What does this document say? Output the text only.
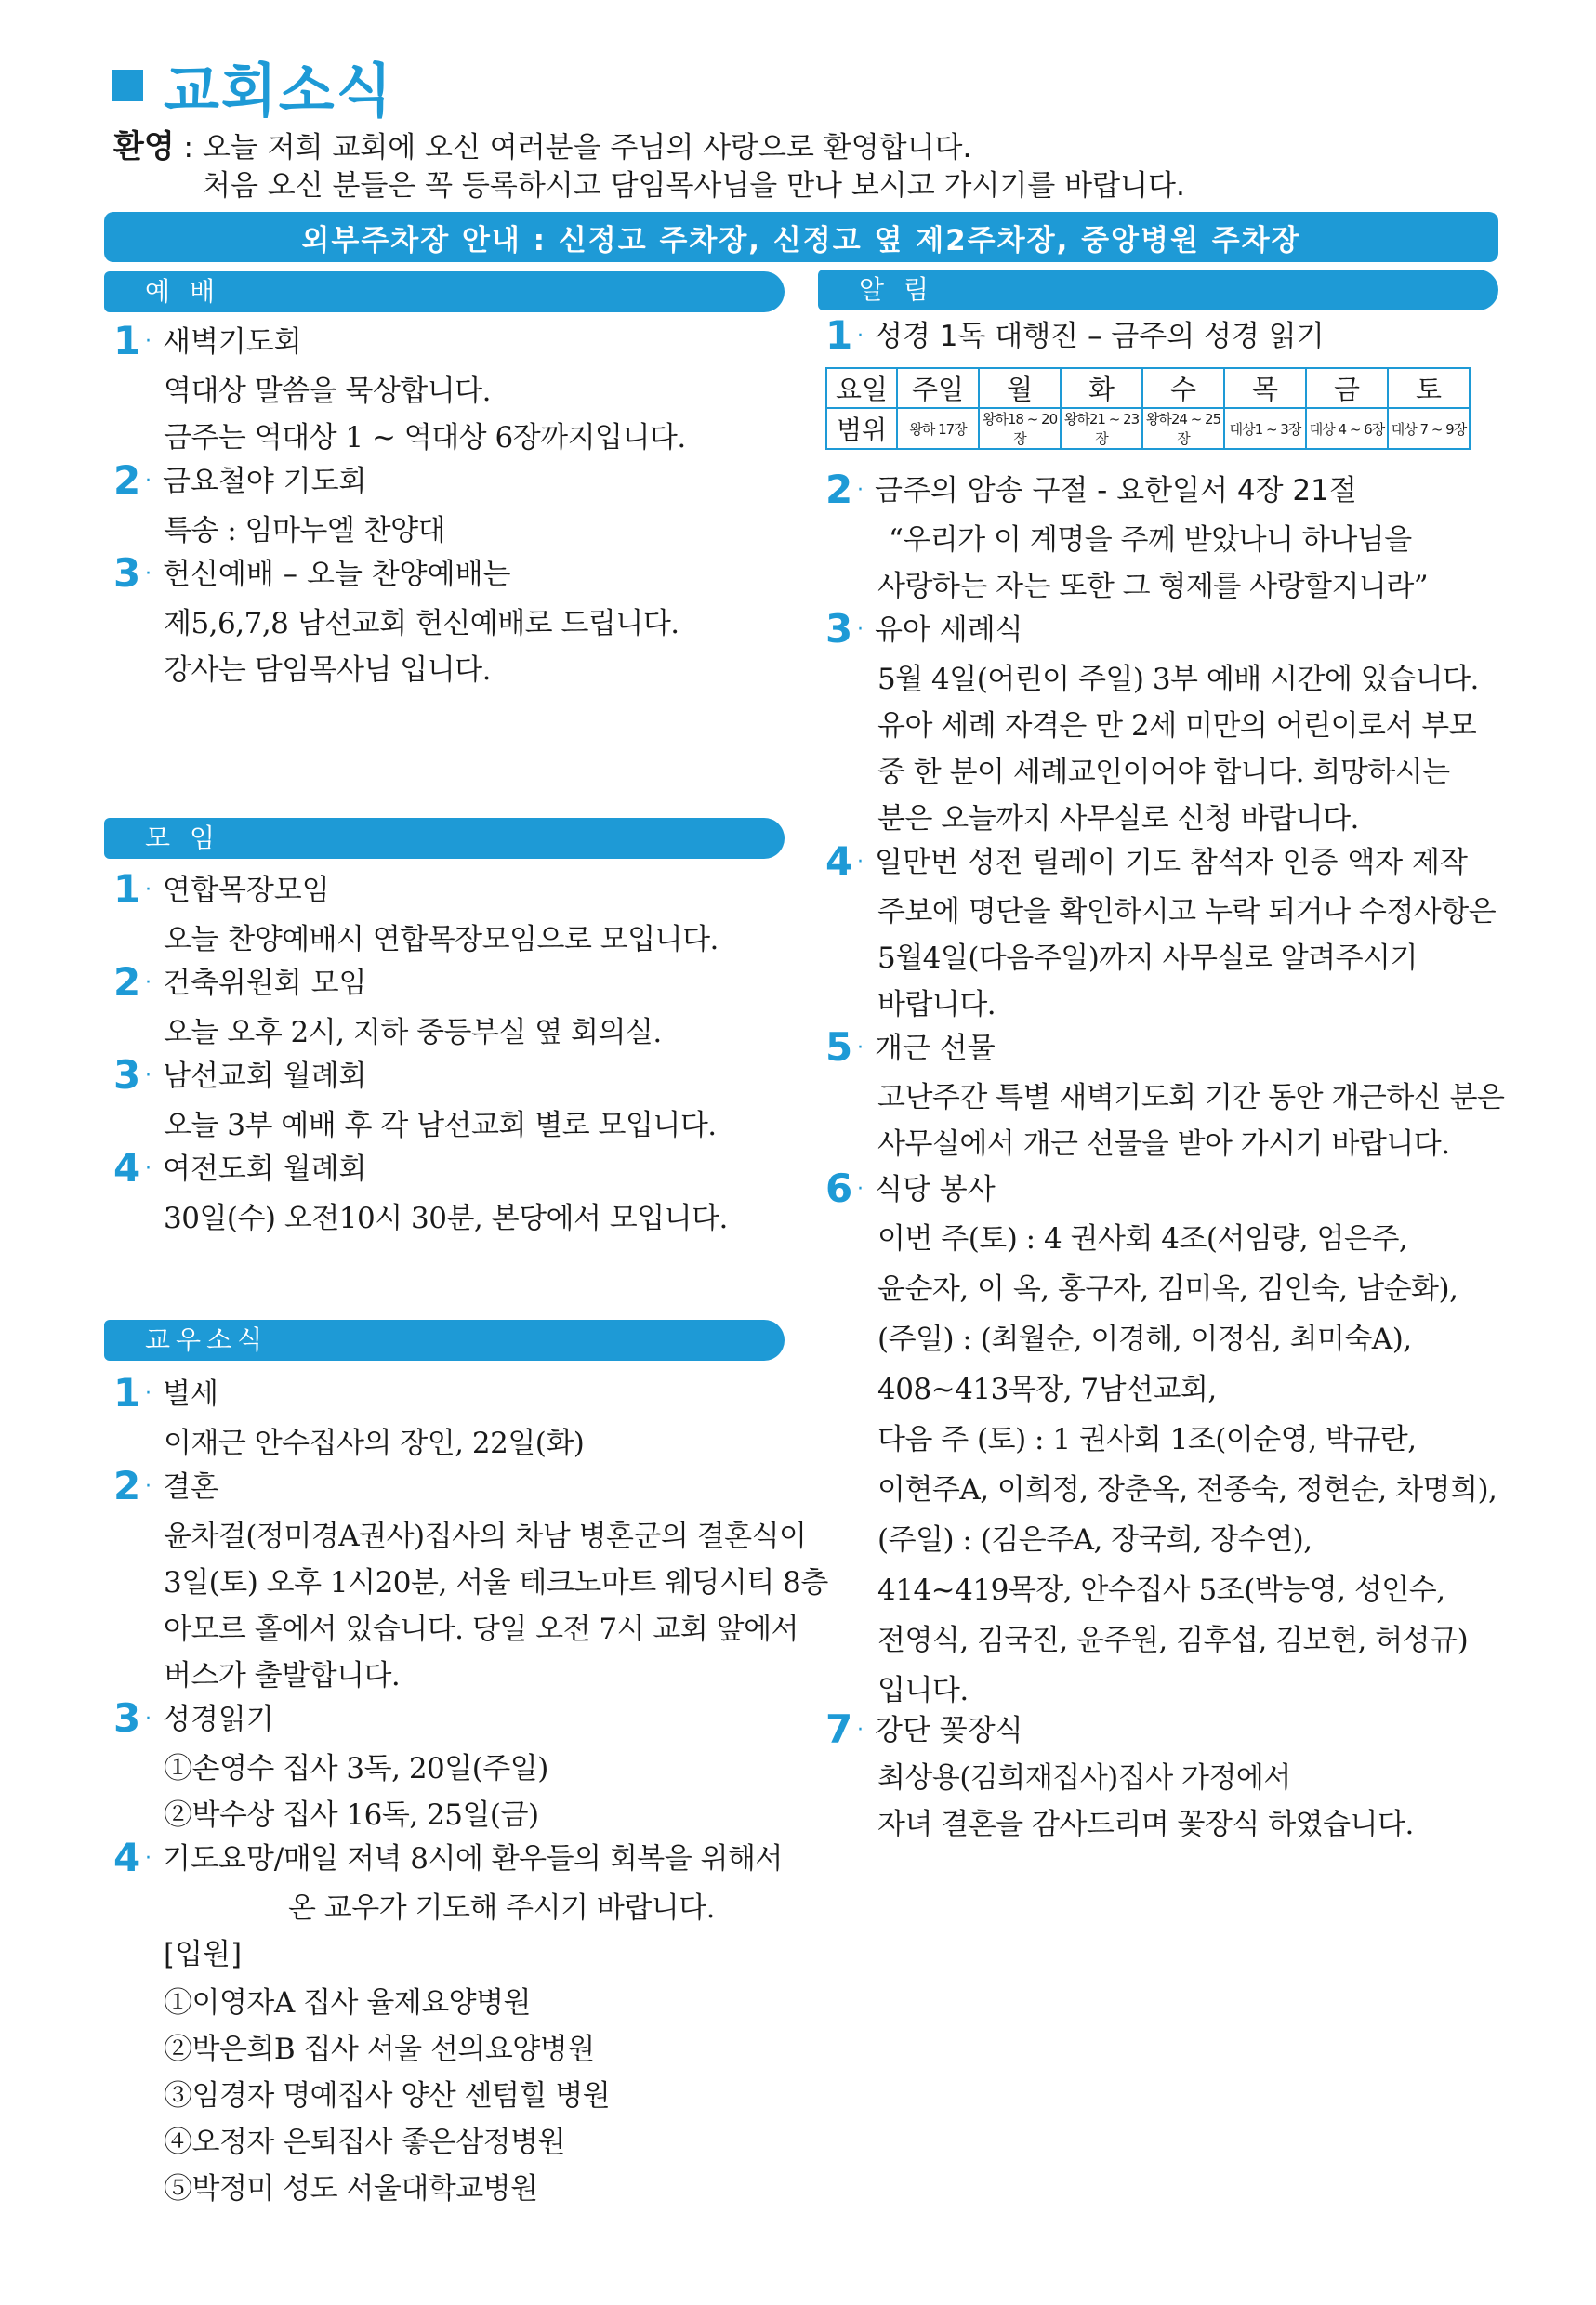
교회소식
환영 : 오늘 저희 교회에 오신 여러분을 주님의 사랑으로 환영합니다.
처음 오신 분들은 꼭 등록하시고 담임목사님을 만나 보시고 가시기를 바랍니다.
외부주차장 안내 : 신정고 주차장, 신정고 옆 제2주차장, 중앙병원 주차장
예 배
1 · 새벽기도회
역대상 말씀을 묵상합니다.
금주는 역대상 1 ~ 역대상 6장까지입니다.
2 · 금요철야 기도회
특송 : 임마누엘 찬양대
3 · 헌신예배 – 오늘 찬양예배는
제5,6,7,8 남선교회 헌신예배로 드립니다.
강사는 담임목사님 입니다.
모 임
1 · 연합목장모임
오늘 찬양예배시 연합목장모임으로 모입니다.
2 · 건축위원회 모임
오늘 오후 2시, 지하 중등부실 옆 회의실.
3 · 남선교회 월례회
오늘 3부 예배 후 각 남선교회 별로 모입니다.
4 · 여전도회 월례회
30일(수) 오전10시 30분, 본당에서 모입니다.
교우소식
1 · 별세
이재근 안수집사의 장인, 22일(화)
2 · 결혼
윤차걸(정미경A권사)집사의 차남 병혼군의 결혼식이
3일(토) 오후 1시20분, 서울 테크노마트 웨딩시티 8층
아모르 홀에서 있습니다. 당일 오전 7시 교회 앞에서
버스가 출발합니다.
3 · 성경읽기
①손영수 집사 3독, 20일(주일)
②박수상 집사 16독, 25일(금)
4 · 기도요망/매일 저녁 8시에 환우들의 회복을 위해서
온 교우가 기도해 주시기 바랍니다.
[입원]
①이영자A 집사 율제요양병원
②박은희B 집사 서울 선의요양병원
③임경자 명예집사 양산 센텀힐 병원
④오정자 은퇴집사 좋은삼정병원
⑤박정미 성도 서울대학교병원
알 림
1 · 성경 1독 대행진 – 금주의 성경 읽기
요일	주일	월	화	수	목	금	토
범위	왕하 17장	왕하18 ~ 20장	왕하21 ~ 23장	왕하24 ~ 25장	대상1 ~ 3장	대상 4 ~ 6장	대상 7 ~ 9장
2 · 금주의 암송 구절 - 요한일서 4장 21절
“우리가 이 계명을 주께 받았나니 하나님을
사랑하는 자는 또한 그 형제를 사랑할지니라”
3 · 유아 세례식
5월 4일(어린이 주일) 3부 예배 시간에 있습니다.
유아 세례 자격은 만 2세 미만의 어린이로서 부모
중 한 분이 세례교인이어야 합니다. 희망하시는
분은 오늘까지 사무실로 신청 바랍니다.
4 · 일만번 성전 릴레이 기도 참석자 인증 액자 제작
주보에 명단을 확인하시고 누락 되거나 수정사항은
5월4일(다음주일)까지 사무실로 알려주시기
바랍니다.
5 · 개근 선물
고난주간 특별 새벽기도회 기간 동안 개근하신 분은
사무실에서 개근 선물을 받아 가시기 바랍니다.
6 · 식당 봉사
이번 주(토) : 4 권사회 4조(서임량, 엄은주,
윤순자, 이 옥, 홍구자, 김미옥, 김인숙, 남순화),
(주일) : (최월순, 이경해, 이정심, 최미숙A),
408~413목장, 7남선교회,
다음 주 (토) : 1 권사회 1조(이순영, 박규란,
이현주A, 이희정, 장춘옥, 전종숙, 정현순, 차명희),
(주일) : (김은주A, 장국희, 장수연),
414~419목장, 안수집사 5조(박능영, 성인수,
전영식, 김국진, 윤주원, 김후섭, 김보현, 허성규)
입니다.
7 · 강단 꽃장식
최상용(김희재집사)집사 가정에서
자녀 결혼을 감사드리며 꽃장식 하였습니다.
